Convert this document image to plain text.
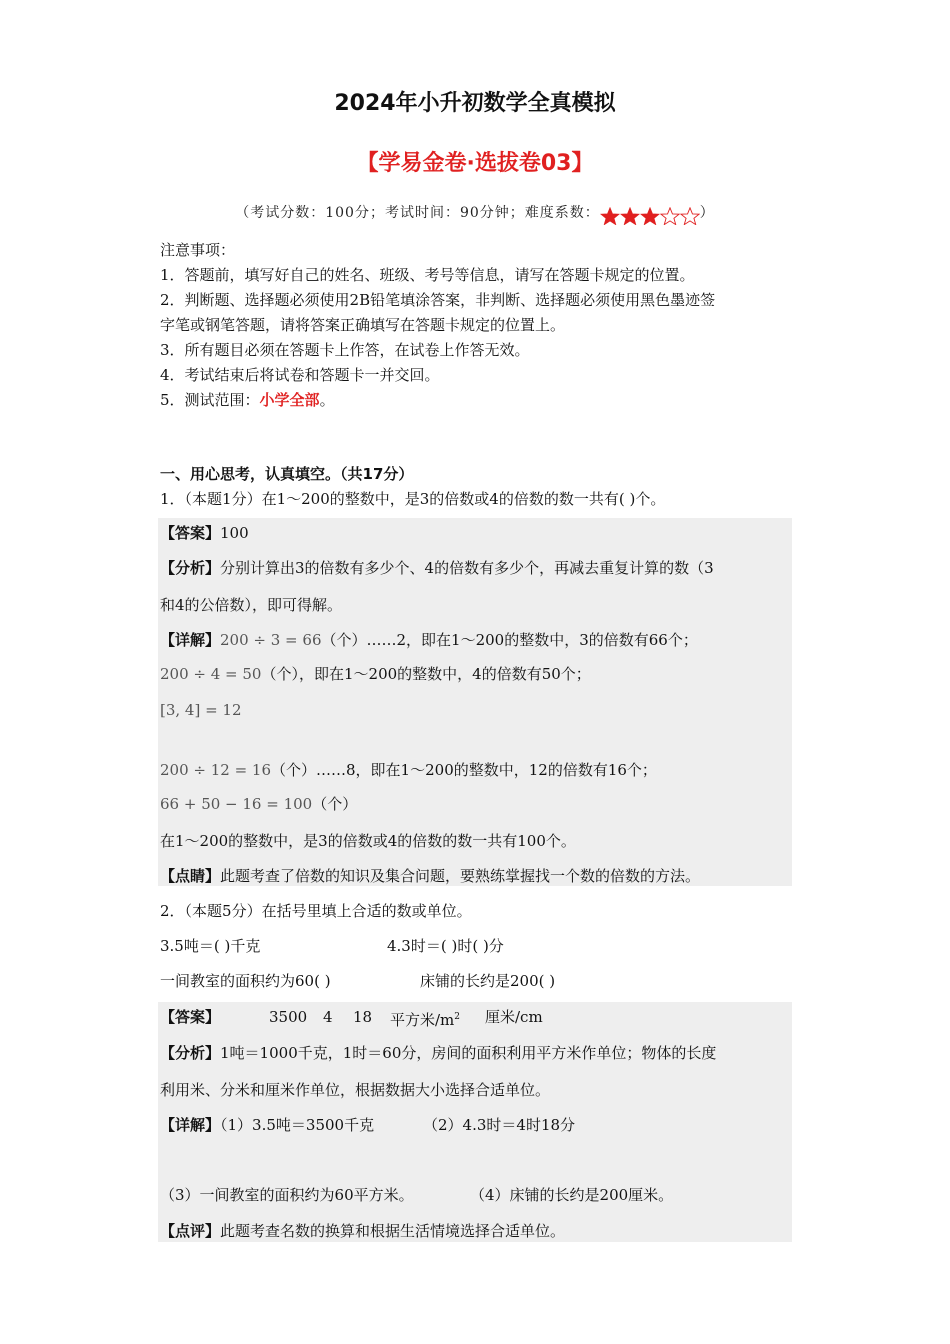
2024年小升初数学全真模拟
【学易金卷·选拔卷03】
（考试分数：100分；考试时间：90分钟；难度系数：	）
注意事项：
1．答题前，填写好自己的姓名、班级、考号等信息，请写在答题卡规定的位置。
2．判断题、选择题必须使用2B铅笔填涂答案，非判断、选择题必须使用黑色墨迹签
字笔或钢笔答题，请将答案正确填写在答题卡规定的位置上。
3．所有题目必须在答题卡上作答，在试卷上作答无效。
4．考试结束后将试卷和答题卡一并交回。
5．测试范围：小学全部。
一、用心思考，认真填空。（共17分）
1．（本题1分）在1～200的整数中，是3的倍数或4的倍数的数一共有( )个。
【答案】100
【分析】分别计算出3的倍数有多少个、4的倍数有多少个，再减去重复计算的数（3
和4的公倍数），即可得解。
【详解】200 ÷ 3 = 66（个）……2，即在1～200的整数中，3的倍数有66个；
200 ÷ 4 = 50（个），即在1～200的整数中，4的倍数有50个；
[3, 4] = 12
200 ÷ 12 = 16（个）……8，即在1～200的整数中，12的倍数有16个；
66 + 50 − 16 = 100（个）
在1～200的整数中，是3的倍数或4的倍数的数一共有100个。
【点睛】此题考查了倍数的知识及集合问题，要熟练掌握找一个数的倍数的方法。
2．（本题5分）在括号里填上合适的数或单位。
3.5吨＝( )千克	4.3时＝( )时( )分
一间教室的面积约为60( )	床铺的长约是200( )
【答案】	3500 4 18 平方米$/m^2$ 厘米/cm
【分析】1吨＝1000千克，1时＝60分，房间的面积利用平方米作单位；物体的长度
利用米、分米和厘米作单位，根据数据大小选择合适单位。
【详解】（1）3.5吨＝3500千克	（2）4.3时＝4时18分
（3）一间教室的面积约为60平方米。	（4）床铺的长约是200厘米。
【点评】此题考查名数的换算和根据生活情境选择合适单位。
